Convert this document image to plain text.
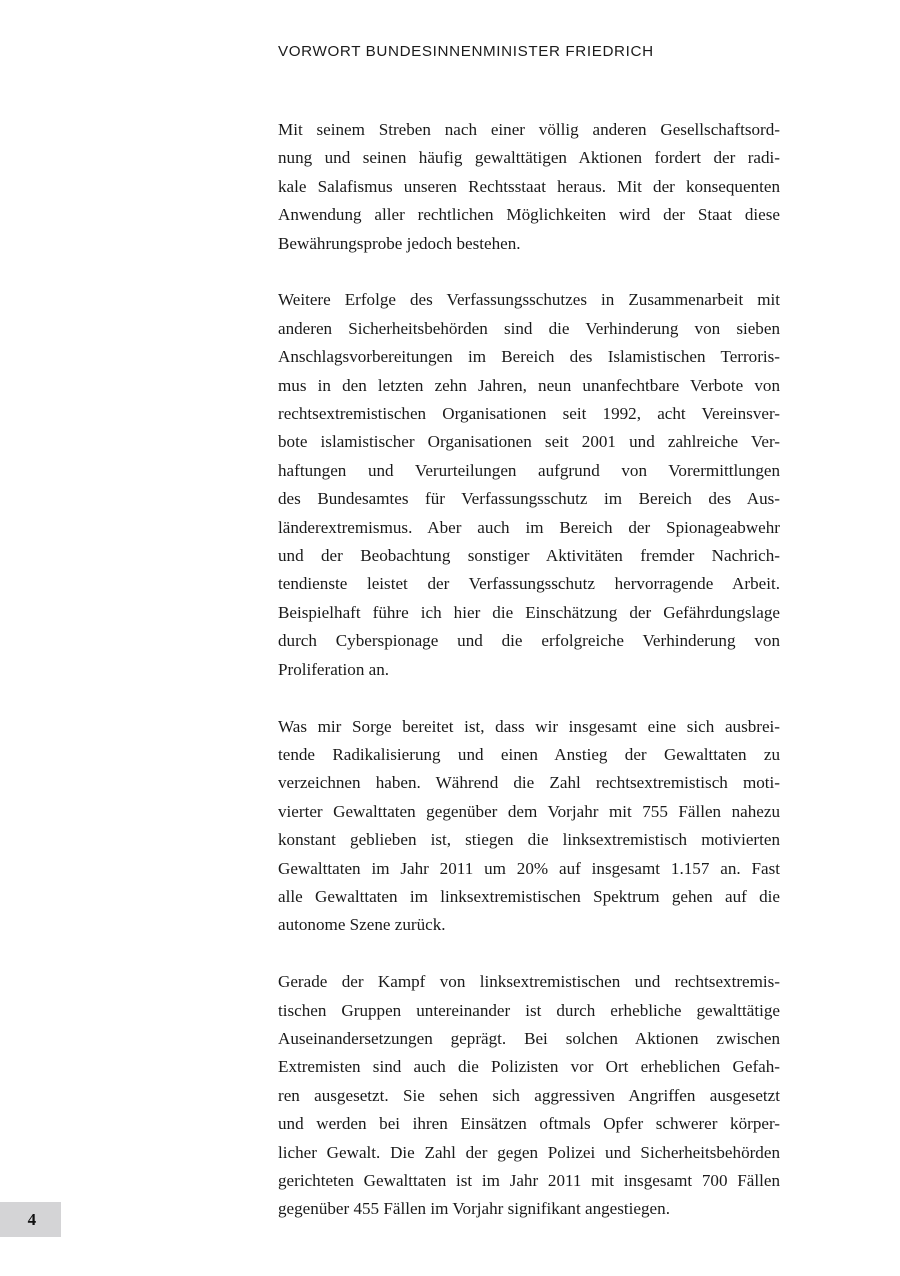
VORWORT BUNDESINNENMINISTER FRIEDRICH

Mit seinem Streben nach einer völlig anderen Gesellschaftsord-
nung und seinen häufig gewalttätigen Aktionen fordert der radi-
kale Salafismus unseren Rechtsstaat heraus. Mit der konsequenten
Anwendung aller rechtlichen Möglichkeiten wird der Staat diese
Bewährungsprobe jedoch bestehen.

Weitere Erfolge des Verfassungsschutzes in Zusammenarbeit mit
anderen Sicherheitsbehörden sind die Verhinderung von sieben
Anschlagsvorbereitungen im Bereich des Islamistischen Terroris-
mus in den letzten zehn Jahren, neun unanfechtbare Verbote von
rechtsextremistischen Organisationen seit 1992, acht Vereinsver-
bote islamistischer Organisationen seit 2001 und zahlreiche Ver-
haftungen und Verurteilungen aufgrund von Vorermittlungen
des Bundesamtes für Verfassungsschutz im Bereich des Aus-
länderextremismus. Aber auch im Bereich der Spionageabwehr
und der Beobachtung sonstiger Aktivitäten fremder Nachrich-
tendienste leistet der Verfassungsschutz hervorragende Arbeit.
Beispielhaft führe ich hier die Einschätzung der Gefährdungslage
durch Cyberspionage und die erfolgreiche Verhinderung von
Proliferation an.

Was mir Sorge bereitet ist, dass wir insgesamt eine sich ausbrei-
tende Radikalisierung und einen Anstieg der Gewalttaten zu
verzeichnen haben. Während die Zahl rechtsextremistisch moti-
vierter Gewalttaten gegenüber dem Vorjahr mit 755 Fällen nahezu
konstant geblieben ist, stiegen die linksextremistisch motivierten
Gewalttaten im Jahr 2011 um 20% auf insgesamt 1.157 an. Fast
alle Gewalttaten im linksextremistischen Spektrum gehen auf die
autonome Szene zurück.

Gerade der Kampf von linksextremistischen und rechtsextremis-
tischen Gruppen untereinander ist durch erhebliche gewalttätige
Auseinandersetzungen geprägt. Bei solchen Aktionen zwischen
Extremisten sind auch die Polizisten vor Ort erheblichen Gefah-
ren ausgesetzt. Sie sehen sich aggressiven Angriffen ausgesetzt
und werden bei ihren Einsätzen oftmals Opfer schwerer körper-
licher Gewalt. Die Zahl der gegen Polizei und Sicherheitsbehörden
gerichteten Gewalttaten ist im Jahr 2011 mit insgesamt 700 Fällen
gegenüber 455 Fällen im Vorjahr signifikant angestiegen.

4
